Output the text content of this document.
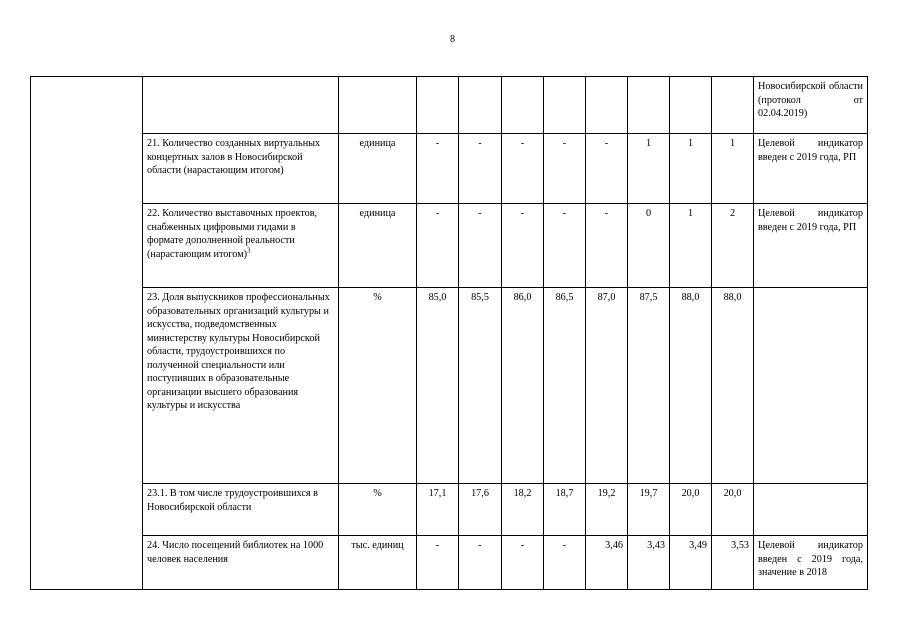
8
											Новосибирской области (протокол от 02.04.2019)
	21. Количество созданных виртуальных концертных залов в Новосибирской области (нарастающим итогом)	единица	-	-	-	-	-	1	1	1	Целевой индикатор введен с 2019 года, РП
	22. Количество выставочных проектов, снабженных цифровыми гидами в формате дополненной реальности (нарастающим итогом)$^3$	единица	-	-	-	-	-	0	1	2	Целевой индикатор введен с 2019 года, РП
	23. Доля выпускников профессиональных образовательных организаций культуры и искусства, подведомственных министерству культуры Новосибирской области, трудоустроившихся по полученной специальности или поступивших в образовательные организации высшего образования культуры и искусства	%	85,0	85,5	86,0	86,5	87,0	87,5	88,0	88,0	
	23.1. В том числе трудоустроившихся в Новосибирской области	%	17,1	17,6	18,2	18,7	19,2	19,7	20,0	20,0	
	24. Число посещений библиотек на 1000 человек населения	тыс. единиц	-	-	-	-	3,46	3,43	3,49	3,53	Целевой индикатор введен с 2019 года, значение в 2018
